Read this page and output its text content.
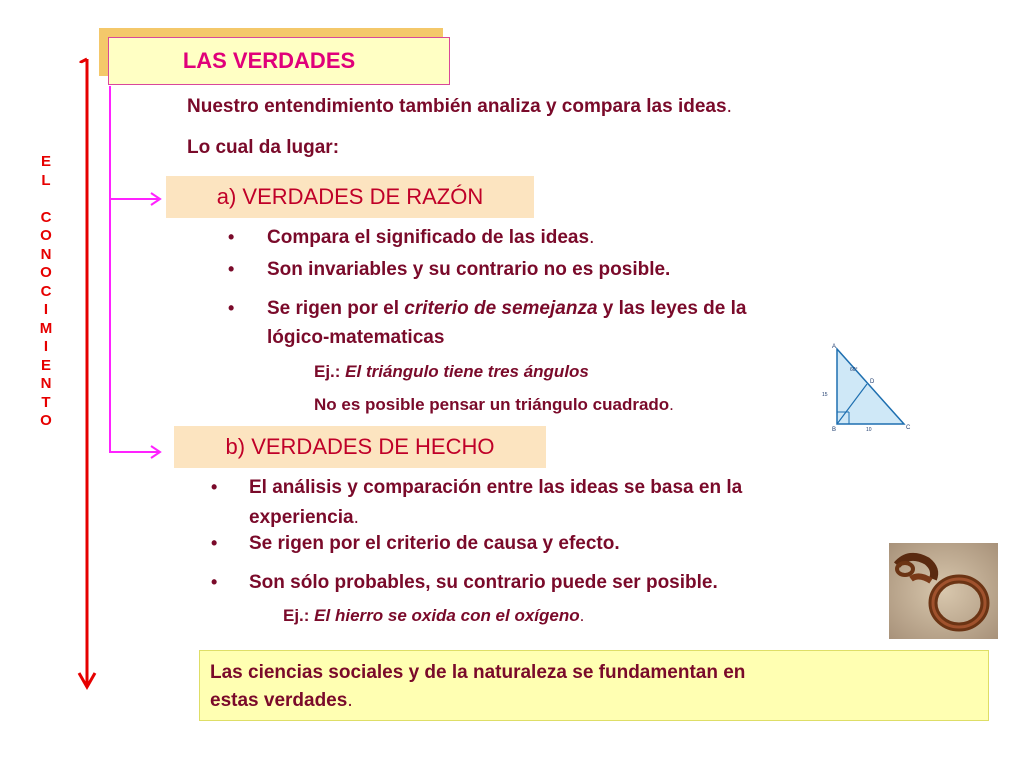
LAS VERDADES
E
L
C
O
N
O
C
I
M
I
E
N
T
O
Nuestro entendimiento también analiza y compara las ideas.
Lo cual da lugar:
a) VERDADES DE RAZÓN
• Compara el significado de las ideas.
• Son invariables y su contrario no es posible.
• Se rigen por el criterio de semejanza y las leyes de la
lógico-matematicas
Ej.: El triángulo tiene tres ángulos
No es posible pensar un triángulo cuadrado.
A
B	C
D
60°
15
10
b) VERDADES DE HECHO
• El análisis y comparación entre las ideas se basa en la
experiencia.
• Se rigen por el criterio de causa y efecto.
• Son sólo probables, su contrario puede ser posible.
Ej.: El hierro se oxida con el oxígeno.
Las ciencias sociales y de la naturaleza se fundamentan en
estas verdades.
